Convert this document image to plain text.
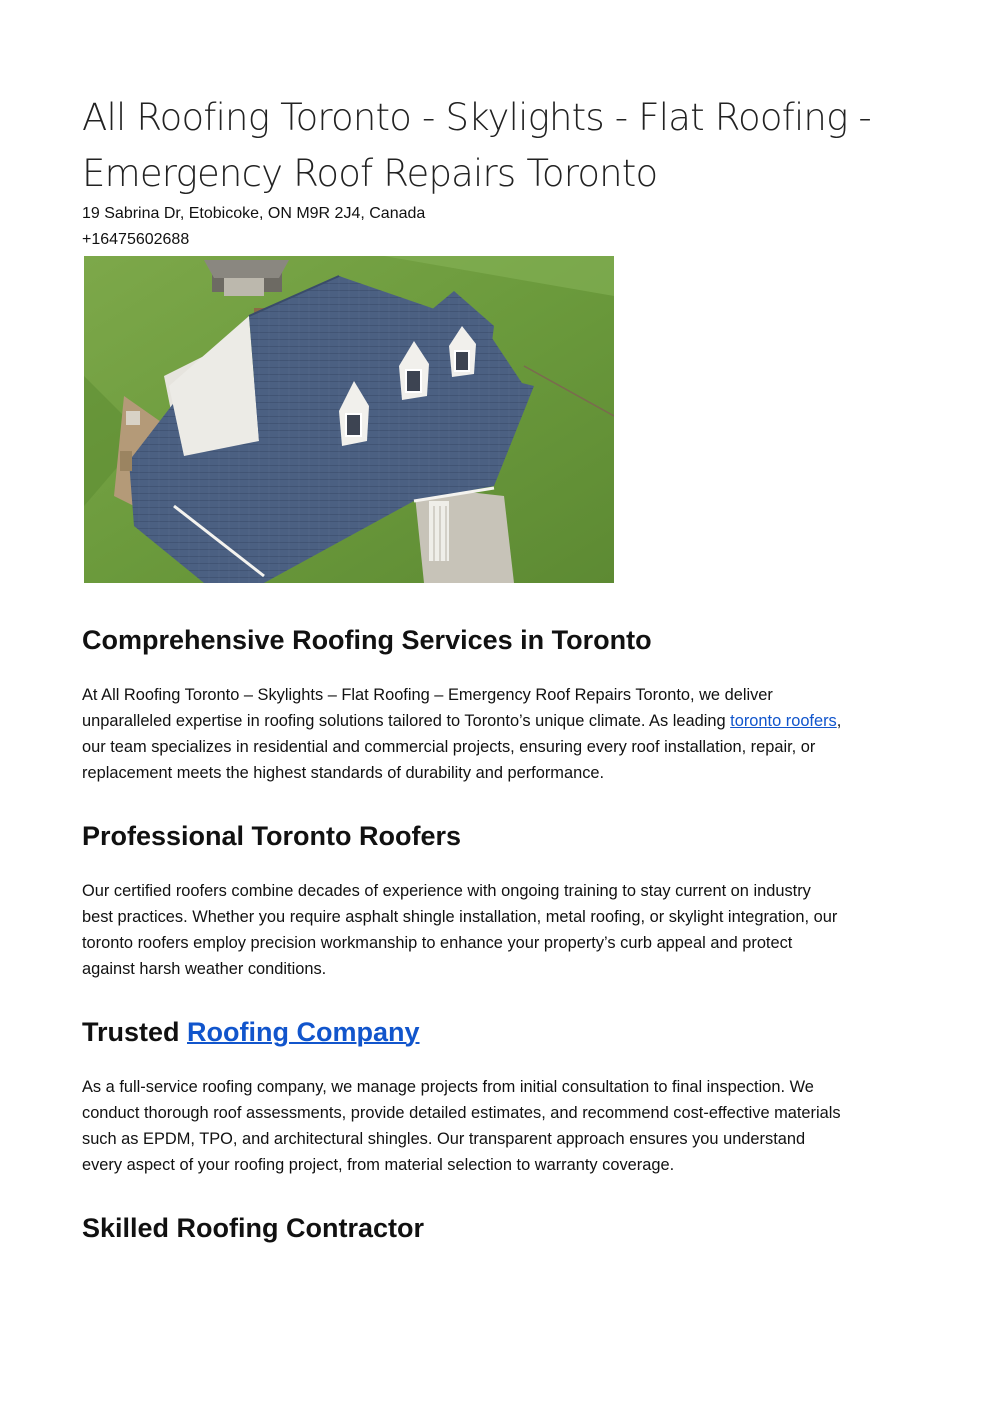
All Roofing Toronto - Skylights - Flat Roofing -
Emergency Roof Repairs Toronto
19 Sabrina Dr, Etobicoke, ON M9R 2J4, Canada
+16475602688
Comprehensive Roofing Services in Toronto

At All Roofing Toronto – Skylights – Flat Roofing – Emergency Roof Repairs Toronto, we deliver
unparalleled expertise in roofing solutions tailored to Toronto’s unique climate. As leading toronto roofers,
our team specializes in residential and commercial projects, ensuring every roof installation, repair, or
replacement meets the highest standards of durability and performance.

Professional Toronto Roofers

Our certified roofers combine decades of experience with ongoing training to stay current on industry
best practices. Whether you require asphalt shingle installation, metal roofing, or skylight integration, our
toronto roofers employ precision workmanship to enhance your property’s curb appeal and protect
against harsh weather conditions.

Trusted Roofing Company

As a full-service roofing company, we manage projects from initial consultation to final inspection. We
conduct thorough roof assessments, provide detailed estimates, and recommend cost-effective materials
such as EPDM, TPO, and architectural shingles. Our transparent approach ensures you understand
every aspect of your roofing project, from material selection to warranty coverage.

Skilled Roofing Contractor
